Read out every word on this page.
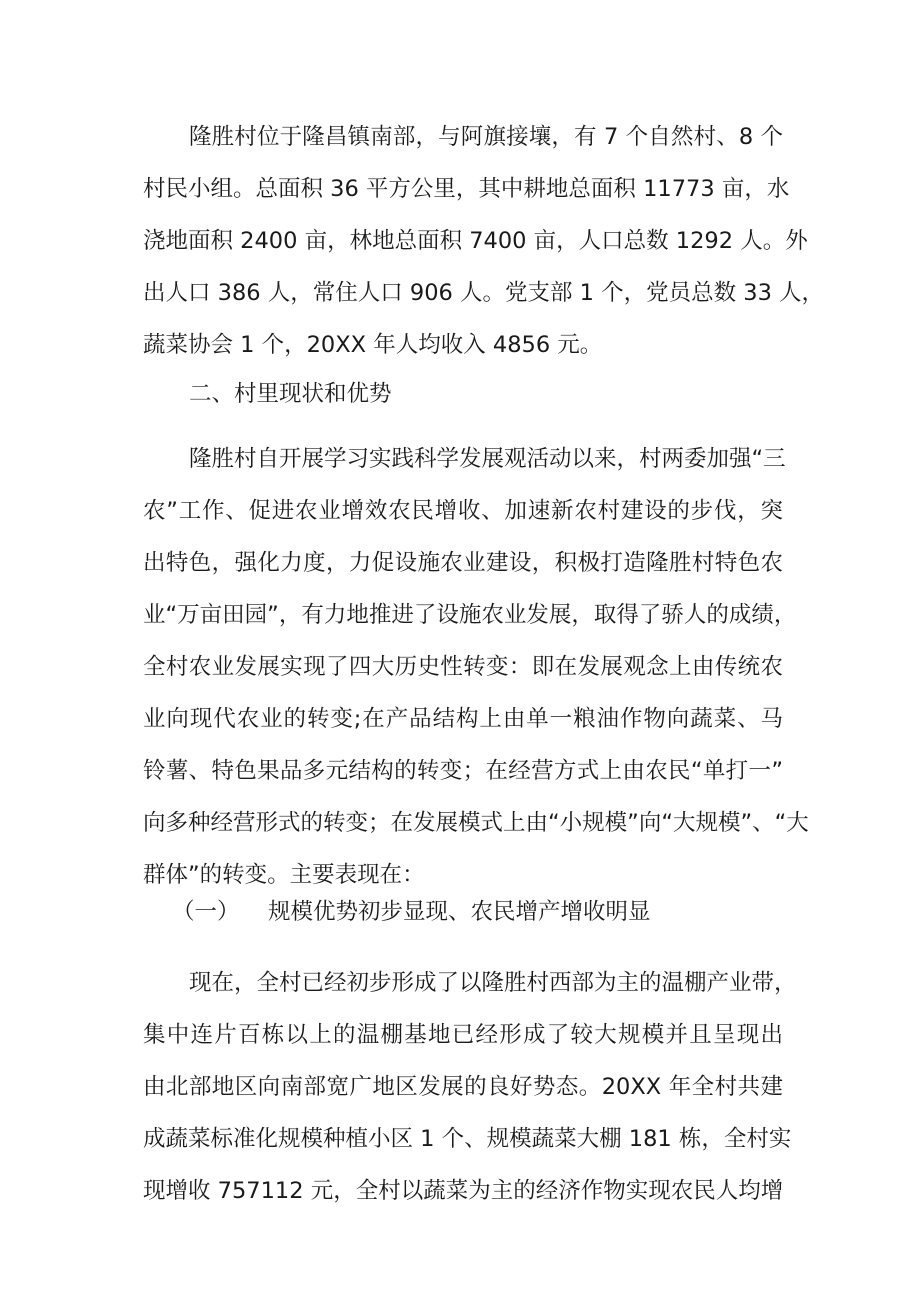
隆胜村位于隆昌镇南部，与阿旗接壤，有 7 个自然村、8 个
村民小组。总面积 36 平方公里，其中耕地总面积 11773 亩，水
浇地面积 2400 亩，林地总面积 7400 亩，人口总数 1292 人。外
出人口 386 人，常住人口 906 人。党支部 1 个，党员总数 33 人，
蔬菜协会 1 个，20XX 年人均收入 4856 元。

二、村里现状和优势

隆胜村自开展学习实践科学发展观活动以来，村两委加强“三
农”工作、促进农业增效农民增收、加速新农村建设的步伐，突
出特色，强化力度，力促设施农业建设，积极打造隆胜村特色农
业“万亩田园”，有力地推进了设施农业发展，取得了骄人的成绩，
全村农业发展实现了四大历史性转变：即在发展观念上由传统农
业向现代农业的转变;在产品结构上由单一粮油作物向蔬菜、马
铃薯、特色果品多元结构的转变；在经营方式上由农民“单打一”
向多种经营形式的转变；在发展模式上由“小规模”向“大规模”、“大
群体”的转变。主要表现在：

（一） 规模优势初步显现、农民增产增收明显

现在，全村已经初步形成了以隆胜村西部为主的温棚产业带，
集中连片百栋以上的温棚基地已经形成了较大规模并且呈现出
由北部地区向南部宽广地区发展的良好势态。20XX 年全村共建
成蔬菜标准化规模种植小区 1 个、规模蔬菜大棚 181 栋，全村实
现增收 757112 元，全村以蔬菜为主的经济作物实现农民人均增
